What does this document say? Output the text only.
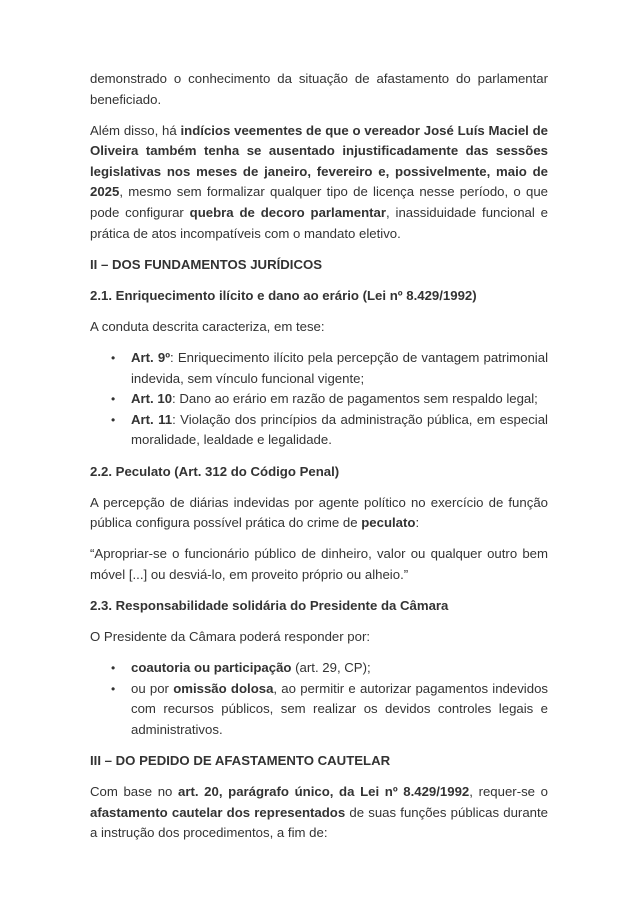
demonstrado o conhecimento da situação de afastamento do parlamentar beneficiado.

Além disso, há indícios veementes de que o vereador José Luís Maciel de Oliveira também tenha se ausentado injustificadamente das sessões legislativas nos meses de janeiro, fevereiro e, possivelmente, maio de 2025, mesmo sem formalizar qualquer tipo de licença nesse período, o que pode configurar quebra de decoro parlamentar, inassiduidade funcional e prática de atos incompatíveis com o mandato eletivo.

II – DOS FUNDAMENTOS JURÍDICOS

2.1. Enriquecimento ilícito e dano ao erário (Lei nº 8.429/1992)

A conduta descrita caracteriza, em tese:

• Art. 9º: Enriquecimento ilícito pela percepção de vantagem patrimonial indevida, sem vínculo funcional vigente;
• Art. 10: Dano ao erário em razão de pagamentos sem respaldo legal;
• Art. 11: Violação dos princípios da administração pública, em especial moralidade, lealdade e legalidade.

2.2. Peculato (Art. 312 do Código Penal)

A percepção de diárias indevidas por agente político no exercício de função pública configura possível prática do crime de peculato:

“Apropriar-se o funcionário público de dinheiro, valor ou qualquer outro bem móvel [...] ou desviá-lo, em proveito próprio ou alheio.”

2.3. Responsabilidade solidária do Presidente da Câmara

O Presidente da Câmara poderá responder por:

• coautoria ou participação (art. 29, CP);
• ou por omissão dolosa, ao permitir e autorizar pagamentos indevidos com recursos públicos, sem realizar os devidos controles legais e administrativos.

III – DO PEDIDO DE AFASTAMENTO CAUTELAR

Com base no art. 20, parágrafo único, da Lei nº 8.429/1992, requer-se o afastamento cautelar dos representados de suas funções públicas durante a instrução dos procedimentos, a fim de:
